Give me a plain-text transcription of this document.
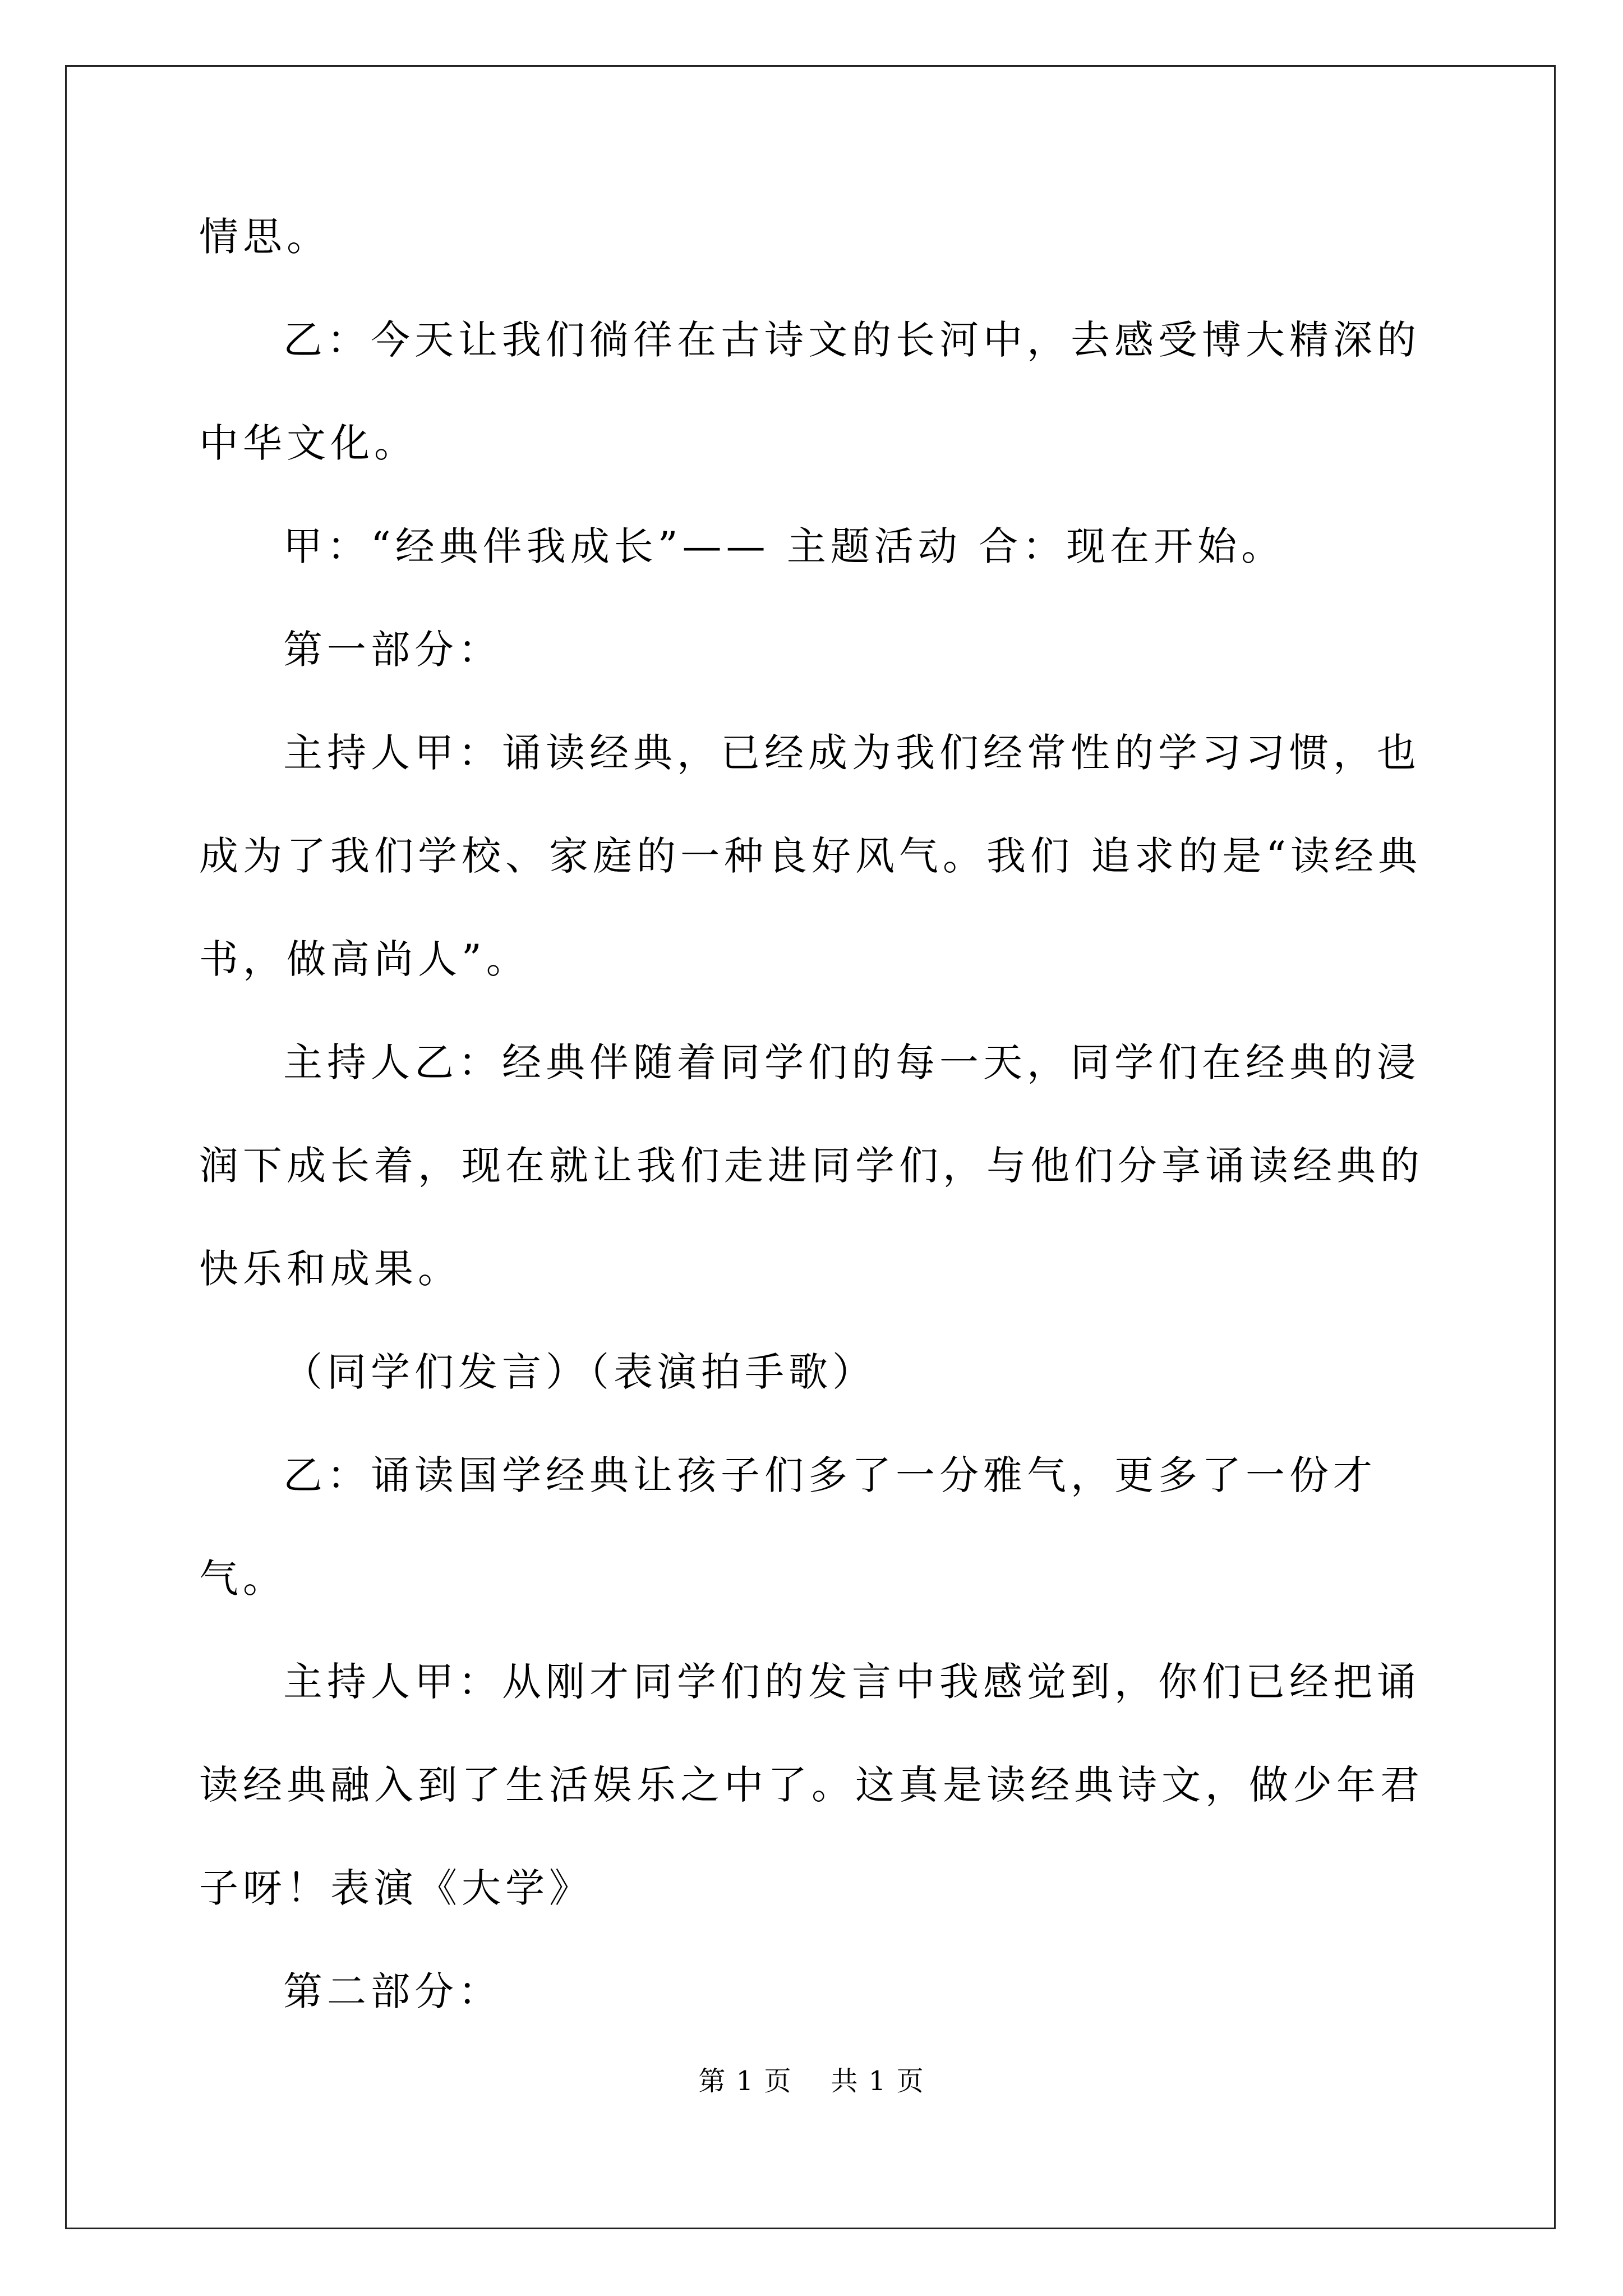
情思。

乙：今天让我们徜徉在古诗文的长河中，去感受博大精深的中华文化。

甲：“经典伴我成长”—— 主题活动 合：现在开始。

第一部分：

主持人甲：诵读经典，已经成为我们经常性的学习习惯，也成为了我们学校、家庭的一种良好风气。我们 追求的是“读经典书，做高尚人”。

主持人乙：经典伴随着同学们的每一天，同学们在经典的浸润下成长着，现在就让我们走进同学们，与他们分享诵读经典的快乐和成果。

（同学们发言）（表演拍手歌）

乙：诵读国学经典让孩子们多了一分雅气，更多了一份才气。

主持人甲：从刚才同学们的发言中我感觉到，你们已经把诵读经典融入到了生活娱乐之中了。这真是读经典诗文，做少年君子呀！表演《大学》

第二部分：

第 1 页    共 1 页
